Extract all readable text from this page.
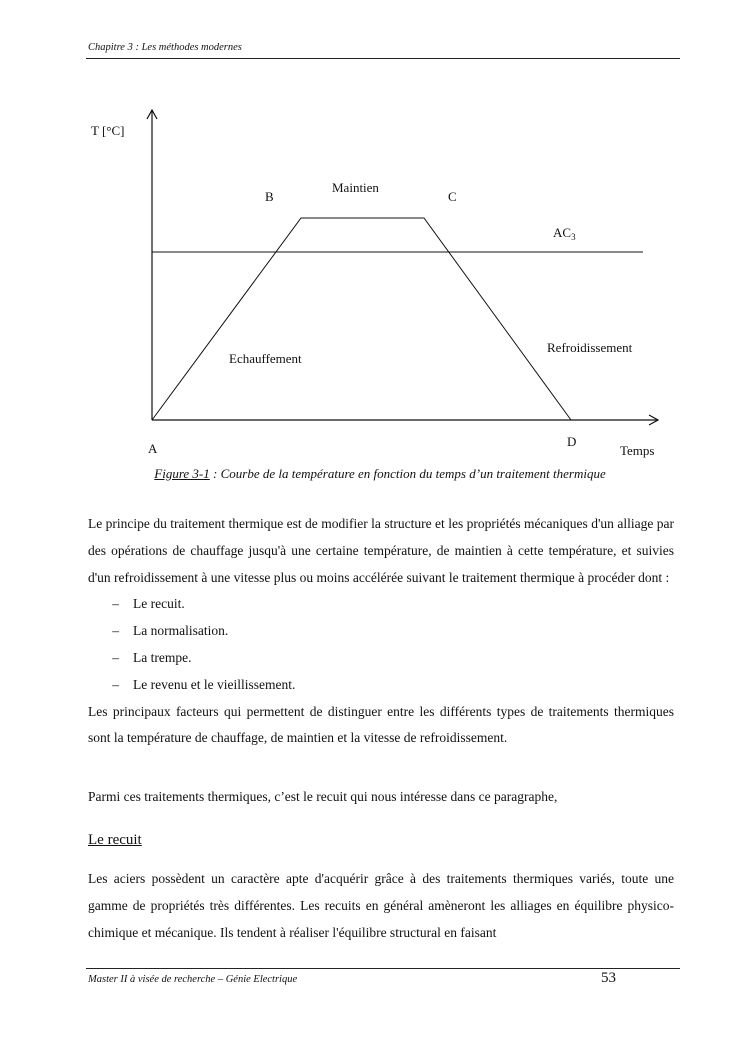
Chapitre 3 : Les méthodes modernes
T [°C]
Temps
A
B	C
D
Maintien
Echauffement
Refroidissement
$AC_3$
Figure 3-1 : Courbe de la température en fonction du temps d’un traitement thermique

Le principe du traitement thermique est de modifier la structure et les propriétés mécaniques d'un alliage par des opérations de chauffage jusqu'à une certaine température, de maintien à cette température, et suivies d'un refroidissement à une vitesse plus ou moins accélérée suivant le traitement thermique à procéder dont :

–	Le recuit.
–	La normalisation.
–	La trempe.
–	Le revenu et le vieillissement.

Les principaux facteurs qui permettent de distinguer entre les différents types de traitements thermiques sont la température de chauffage, de maintien et la vitesse de refroidissement.

Parmi ces traitements thermiques, c’est le recuit qui nous intéresse dans ce paragraphe,

Le recuit

Les aciers possèdent un caractère apte d'acquérir grâce à des traitements thermiques variés, toute une gamme de propriétés très différentes. Les recuits en général amèneront les alliages en équilibre physico-chimique et mécanique. Ils tendent à réaliser l'équilibre structural en faisant

Master II à visée de recherche – Génie Electrique	53
